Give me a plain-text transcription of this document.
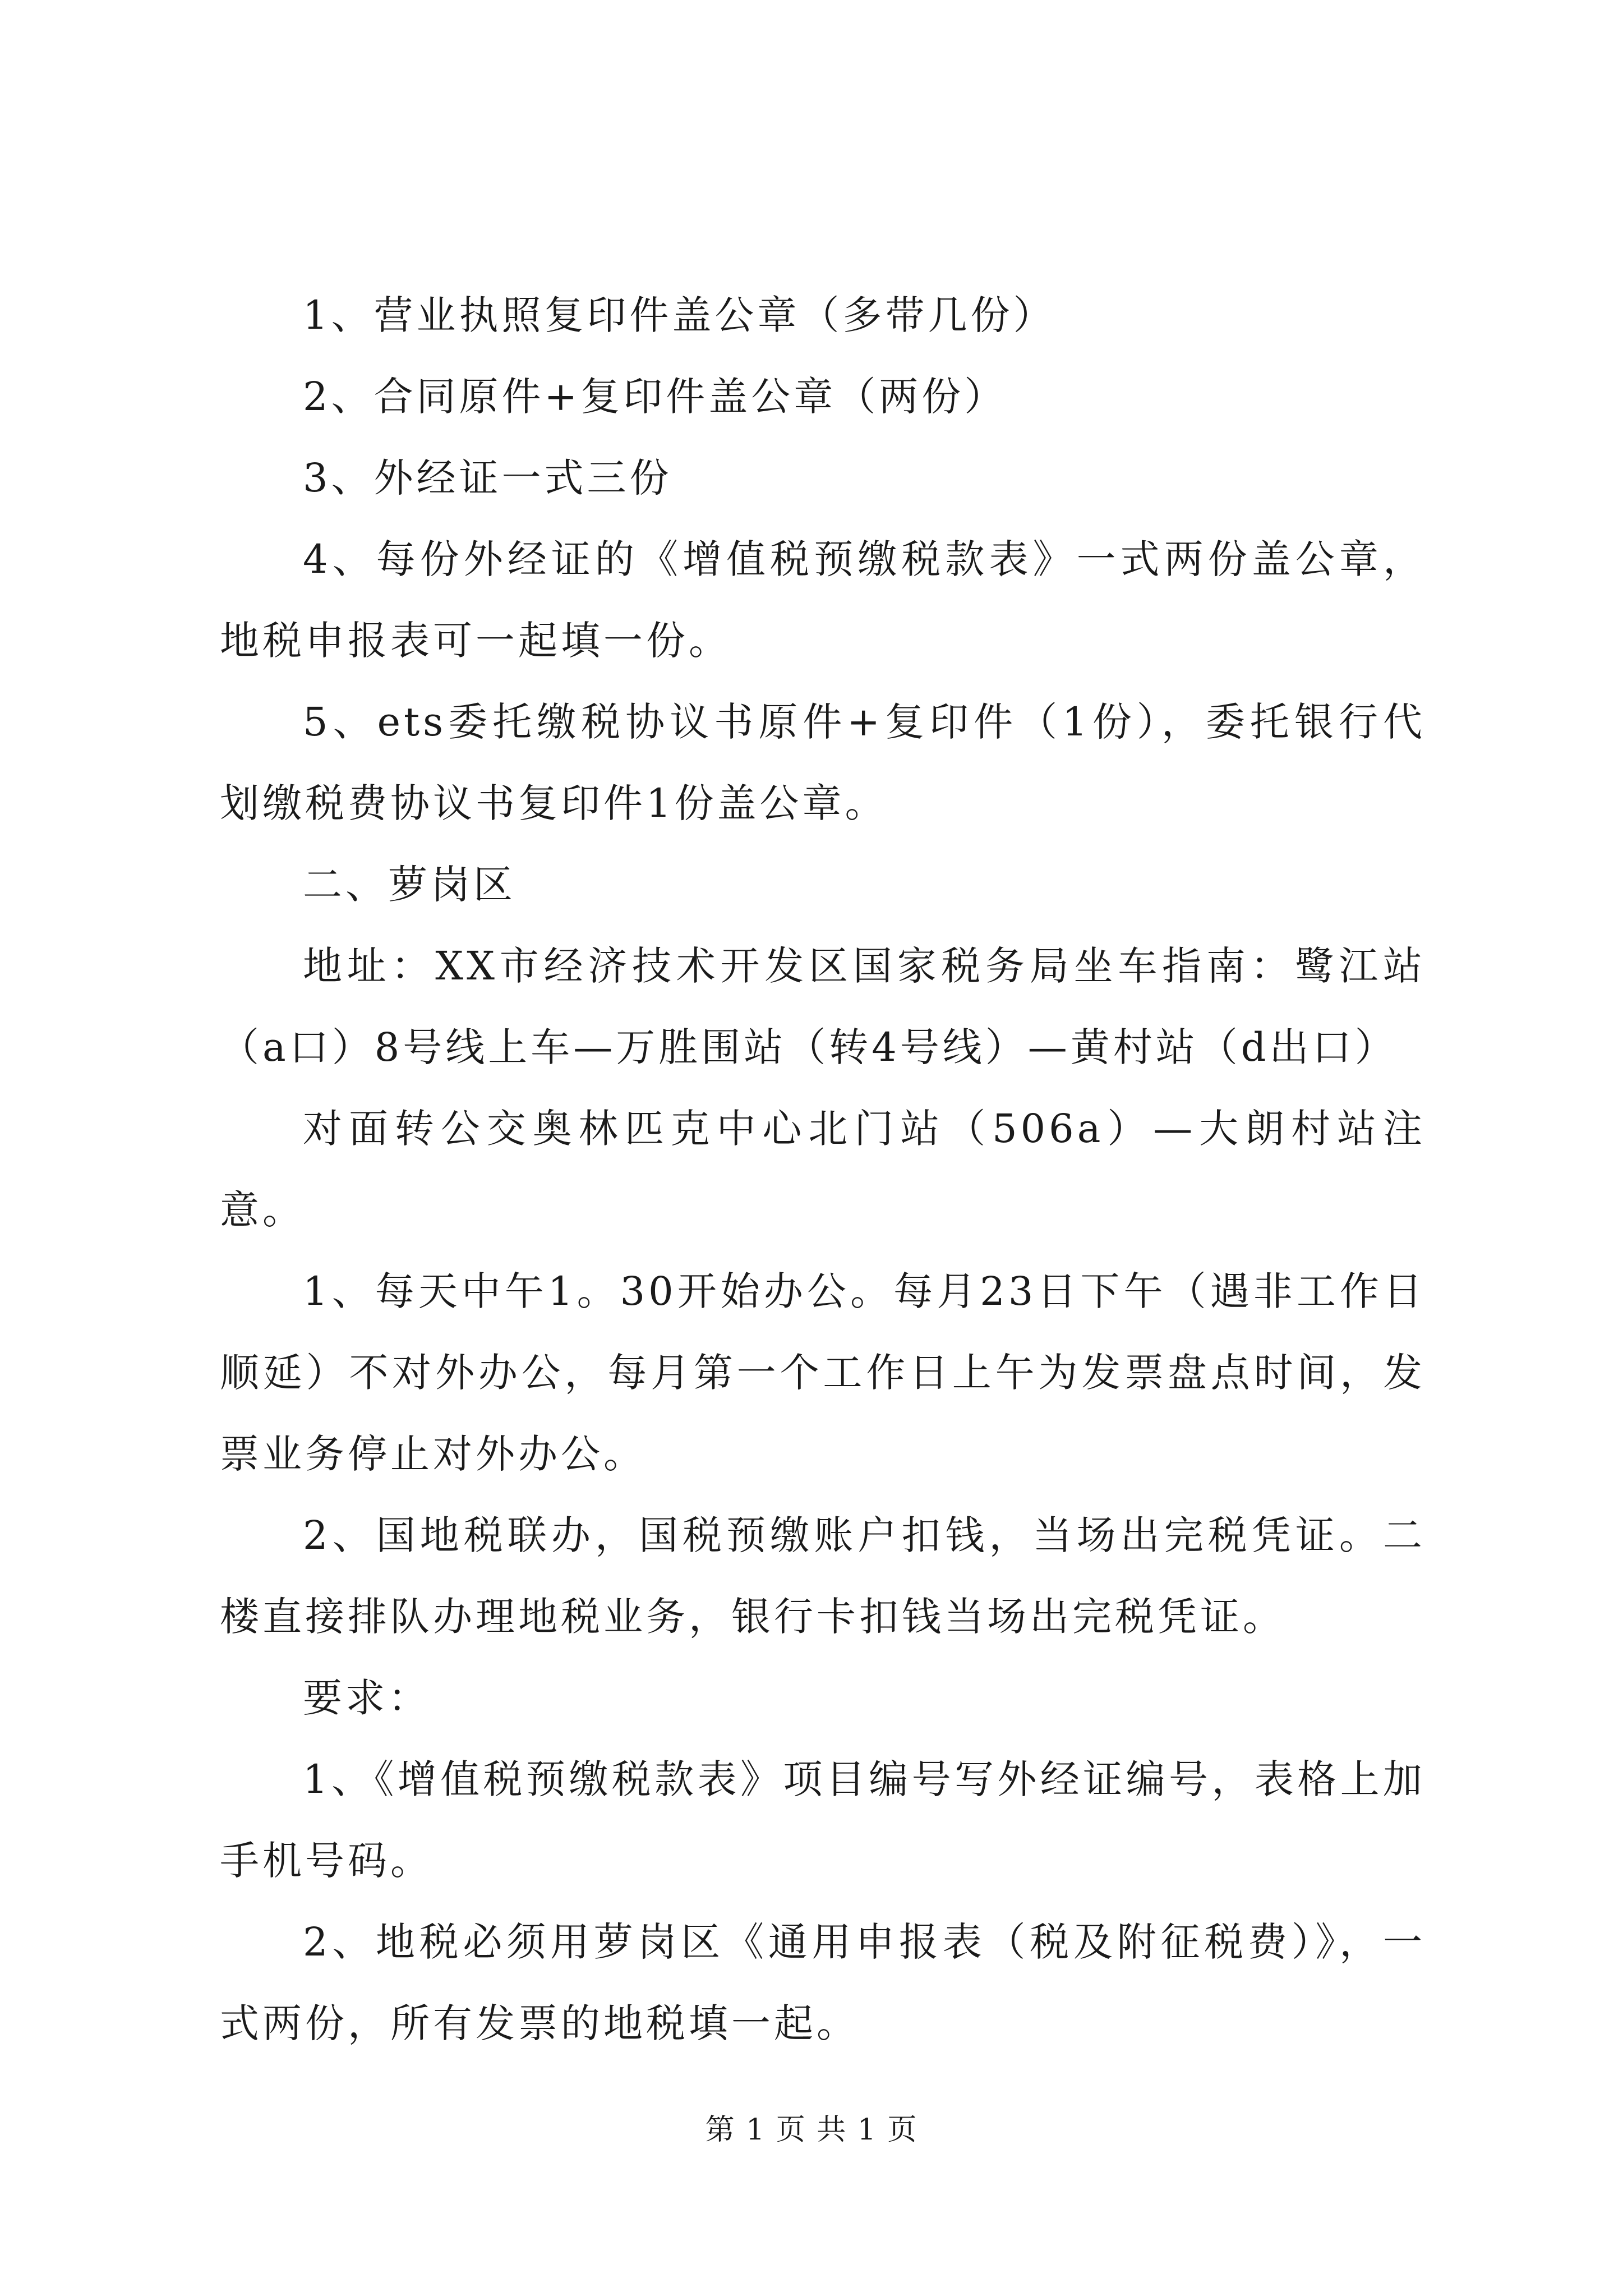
1、营业执照复印件盖公章（多带几份）

2、合同原件+复印件盖公章（两份）

3、外经证一式三份

4、每份外经证的《增值税预缴税款表》一式两份盖公章，地税申报表可一起填一份。

5、ets委托缴税协议书原件+复印件（1份），委托银行代划缴税费协议书复印件1份盖公章。

二、萝岗区

地址：XX市经济技术开发区国家税务局坐车指南：鹭江站（a口）8号线上车—万胜围站（转4号线）—黄村站（d出口）

对面转公交奥林匹克中心北门站（506a）—大朗村站注意。

1、每天中午1。30开始办公。每月23日下午（遇非工作日顺延）不对外办公，每月第一个工作日上午为发票盘点时间，发票业务停止对外办公。

2、国地税联办，国税预缴账户扣钱，当场出完税凭证。二楼直接排队办理地税业务，银行卡扣钱当场出完税凭证。

要求：

1、《增值税预缴税款表》项目编号写外经证编号，表格上加手机号码。

2、地税必须用萝岗区《通用申报表（税及附征税费）》，一式两份，所有发票的地税填一起。

第 1 页 共 1 页
